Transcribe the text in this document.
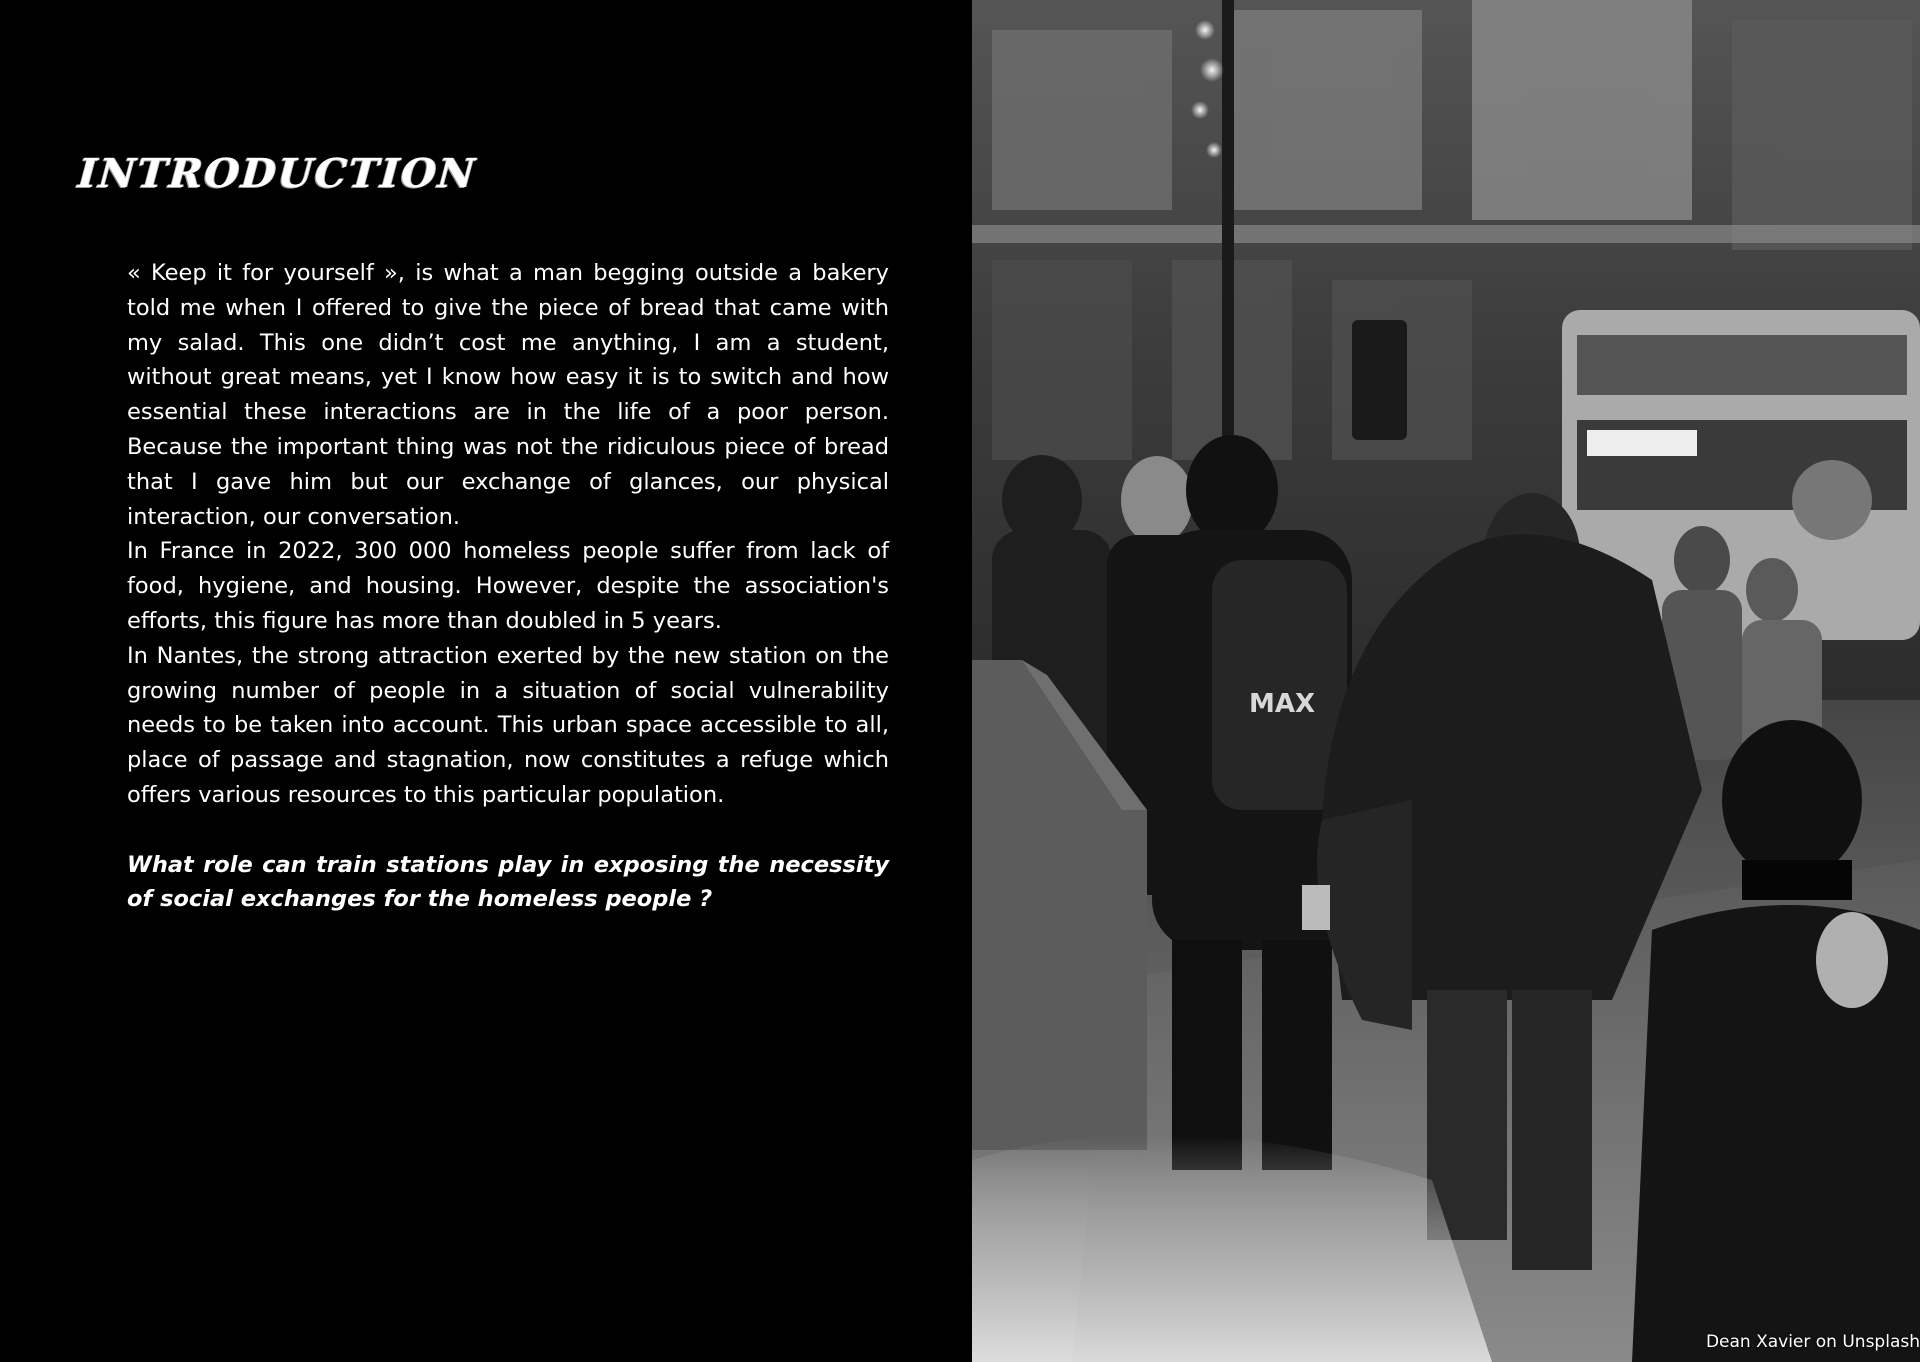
INTRODUCTION

« Keep it for yourself », is what a man begging outside a bakery told me when I offered to give the piece of bread that came with my salad. This one didn’t cost me anything, I am a student, without great means, yet I know how easy it is to switch and how essential these interactions are in the life of a poor person. Because the important thing was not the ridiculous piece of bread that I gave him but our exchange of glances, our physical interaction, our conversation.

In France in 2022, 300 000 homeless people suffer from lack of food, hygiene, and housing. However, despite the association's efforts, this figure has more than doubled in 5 years.

In Nantes, the strong attraction exerted by the new station on the growing number of people in a situation of social vulnerability needs to be taken into account. This urban space accessible to all, place of passage and stagnation, now constitutes a refuge which offers various resources to this particular population.

What role can train stations play in exposing the necessity of social exchanges for the homeless people ?

MAX
Dean Xavier on Unsplash
